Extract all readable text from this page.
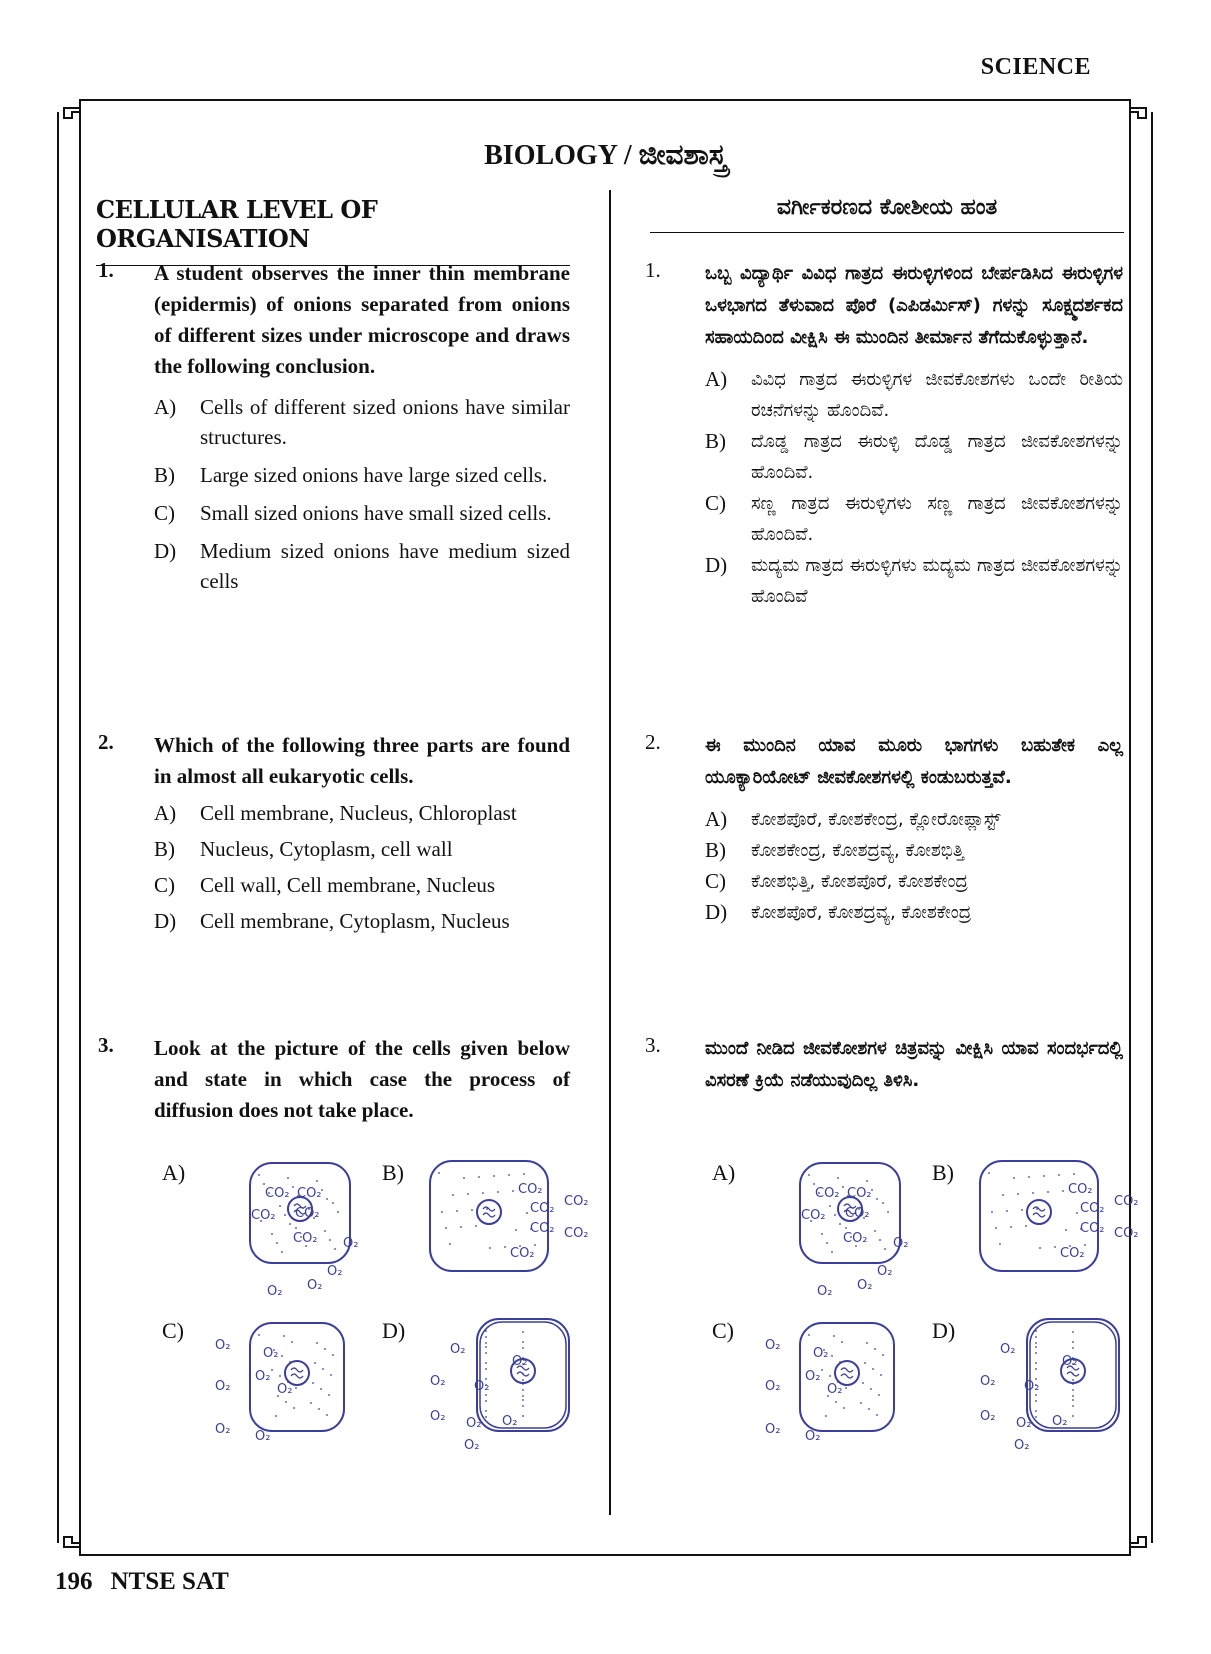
SCIENCE
196 NTSE SAT
BIOLOGY / ಜೀವಶಾಸ್ತ್ರ
CELLULAR LEVEL OF ORGANISATION
1.	A student observes the inner thin membrane (epidermis) of onions separated from onions of different sizes under microscope and draws the following conclusion.
A)	Cells of different sized onions have similar structures.
B)	Large sized onions have large sized cells.
C)	Small sized onions have small sized cells.
D)	Medium sized onions have medium sized cells
2.	Which of the following three parts are found in almost all eukaryotic cells.
A)	Cell membrane, Nucleus, Chloroplast
B)	Nucleus, Cytoplasm, cell wall
C)	Cell wall, Cell membrane, Nucleus
D)	Cell membrane, Cytoplasm, Nucleus
3.	Look at the picture of the cells given below and state in which case the process of diffusion does not take place.
A)	B)
C)	D)
CO₂
CO₂ CO₂
CO₂
CO₂
O₂
O₂
O₂ O₂
CO₂
CO₂
CO₂
CO₂
CO₂
CO₂
O₂
O₂
O₂
O₂
O₂
O₂ O₂
O₂
O₂
O₂ O₂
O₂ O₂ O₂
O₂
ವರ್ಗೀಕರಣದ ಕೋಶೀಯ ಹಂತ
1.	ಒಬ್ಬ ವಿದ್ಯಾರ್ಥಿ ವಿವಿಧ ಗಾತ್ರದ ಈರುಳ್ಳಿಗಳಿಂದ ಬೇರ್ಪಡಿಸಿದ ಈರುಳ್ಳಿಗಳ ಒಳಭಾಗದ ತೆಳುವಾದ ಪೊರೆ (ಎಪಿಡರ್ಮಿಸ್) ಗಳನ್ನು ಸೂಕ್ಷ್ಮದರ್ಶಕದ ಸಹಾಯದಿಂದ ವೀಕ್ಷಿಸಿ ಈ ಮುಂದಿನ ತೀರ್ಮಾನ ತೆಗೆದುಕೊಳ್ಳುತ್ತಾನೆ.
A)	ವಿವಿಧ ಗಾತ್ರದ ಈರುಳ್ಳಿಗಳ ಜೀವಕೋಶಗಳು ಒಂದೇ ರೀತಿಯ ರಚನೆಗಳನ್ನು ಹೊಂದಿವೆ.
B)	ದೊಡ್ಡ ಗಾತ್ರದ ಈರುಳ್ಳಿ ದೊಡ್ಡ ಗಾತ್ರದ ಜೀವಕೋಶಗಳನ್ನು ಹೊಂದಿವೆ.
C)	ಸಣ್ಣ ಗಾತ್ರದ ಈರುಳ್ಳಿಗಳು ಸಣ್ಣ ಗಾತ್ರದ ಜೀವಕೋಶಗಳನ್ನು ಹೊಂದಿವೆ.
D)	ಮದ್ಯಮ ಗಾತ್ರದ ಈರುಳ್ಳಿಗಳು ಮದ್ಯಮ ಗಾತ್ರದ ಜೀವಕೋಶಗಳನ್ನು ಹೊಂದಿವೆ
2.	ಈ ಮುಂದಿನ ಯಾವ ಮೂರು ಭಾಗಗಳು ಬಹುತೇಕ ಎಲ್ಲ ಯೂಕ್ಯಾರಿಯೋಟ್ ಜೀವಕೋಶಗಳಲ್ಲಿ ಕಂಡುಬರುತ್ತವೆ.
A)	ಕೋಶಪೊರೆ, ಕೋಶಕೇಂದ್ರ, ಕ್ಲೋರೋಪ್ಲಾಸ್ಟ್
B)	ಕೋಶಕೇಂದ್ರ, ಕೋಶದ್ರವ್ಯ, ಕೋಶಭಿತ್ತಿ
C)	ಕೋಶಭಿತ್ತಿ, ಕೋಶಪೊರೆ, ಕೋಶಕೇಂದ್ರ
D)	ಕೋಶಪೊರೆ, ಕೋಶದ್ರವ್ಯ, ಕೋಶಕೇಂದ್ರ
3.	ಮುಂದೆ ನೀಡಿದ ಜೀವಕೋಶಗಳ ಚಿತ್ರವನ್ನು ವೀಕ್ಷಿಸಿ ಯಾವ ಸಂದರ್ಭದಲ್ಲಿ ವಿಸರಣೆ ಕ್ರಿಯೆ ನಡೆಯುವುದಿಲ್ಲ ತಿಳಿಸಿ.
A)	B)
C)	D)
CO₂
CO₂ CO₂
CO₂
CO₂
O₂
O₂
O₂ O₂
CO₂
CO₂
CO₂
CO₂
CO₂
CO₂
O₂
O₂
O₂
O₂
O₂
O₂ O₂
O₂
O₂
O₂ O₂
O₂ O₂ O₂
O₂
